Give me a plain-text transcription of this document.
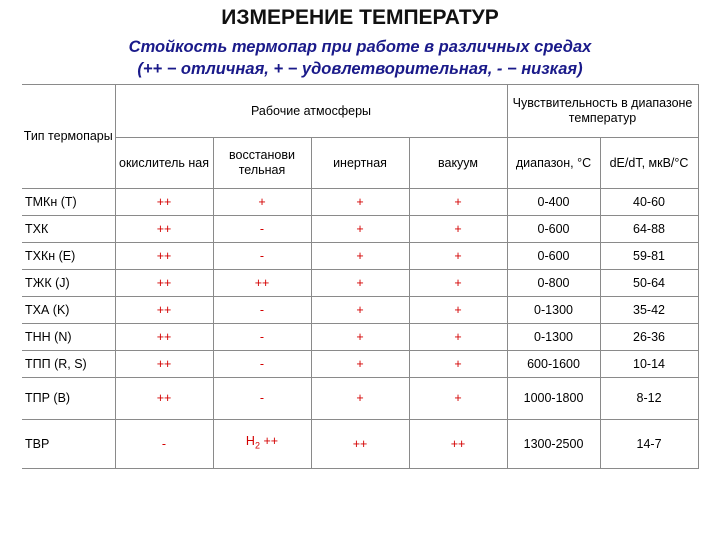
ИЗМЕРЕНИЕ ТЕМПЕРАТУР
Стойкость термопар при работе в различных средах
(++ − отличная, + − удовлетворительная, - − низкая)
Тип термопары	Рабочие атмосферы				Чувствительность в диапазоне температур	
	окислитель ная	восстанови тельная	инертная	вакуум	диапазон, °С	dE/dT, мкВ/°С
ТМКн (T)	++	+	+	+	0-400	40-60
ТХК	++	-	+	+	0-600	64-88
ТХКн (E)	++	-	+	+	0-600	59-81
ТЖК (J)	++	++	+	+	0-800	50-64
ТХА (K)	++	-	+	+	0-1300	35-42
ТНН (N)	++	-	+	+	0-1300	26-36
ТПП (R, S)	++	-	+	+	600-1600	10-14
ТПР (B)	++	-	+	+	1000-1800	8-12
ТВР	-	$H_2$ ++	++	++	1300-2500	14-7
